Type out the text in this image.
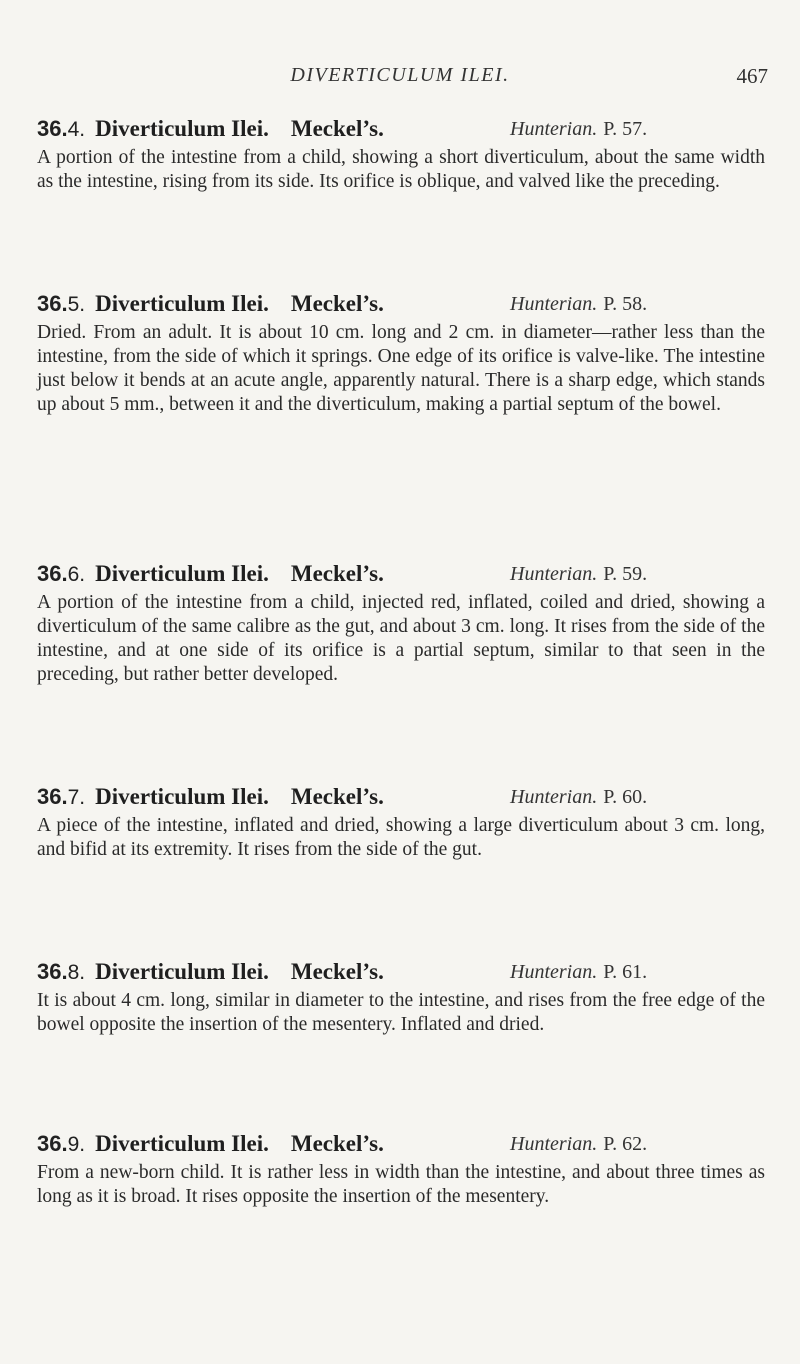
DIVERTICULUM ILEI.	467
36.4. Diverticulum Ilei. Meckel’s.	Hunterian. P. 57.

A portion of the intestine from a child, showing a short diverticulum, about the same width as the intestine, rising from its side. Its orifice is oblique, and valved like the preceding.

36.5. Diverticulum Ilei. Meckel’s.	Hunterian. P. 58.

Dried. From an adult. It is about 10 cm. long and 2 cm. in diameter—rather less than the intestine, from the side of which it springs. One edge of its orifice is valve-like. The intestine just below it bends at an acute angle, apparently natural. There is a sharp edge, which stands up about 5 mm., between it and the diverticulum, making a partial septum of the bowel.

36.6. Diverticulum Ilei. Meckel’s.	Hunterian. P. 59.

A portion of the intestine from a child, injected red, inflated, coiled and dried, showing a diverticulum of the same calibre as the gut, and about 3 cm. long. It rises from the side of the intestine, and at one side of its orifice is a partial septum, similar to that seen in the preceding, but rather better developed.

36.7. Diverticulum Ilei. Meckel’s.	Hunterian. P. 60.

A piece of the intestine, inflated and dried, showing a large diverticulum about 3 cm. long, and bifid at its extremity. It rises from the side of the gut.

36.8. Diverticulum Ilei. Meckel’s.	Hunterian. P. 61.

It is about 4 cm. long, similar in diameter to the intestine, and rises from the free edge of the bowel opposite the insertion of the mesentery. Inflated and dried.

36.9. Diverticulum Ilei. Meckel’s.	Hunterian. P. 62.

From a new-born child. It is rather less in width than the intestine, and about three times as long as it is broad. It rises opposite the insertion of the mesentery.
